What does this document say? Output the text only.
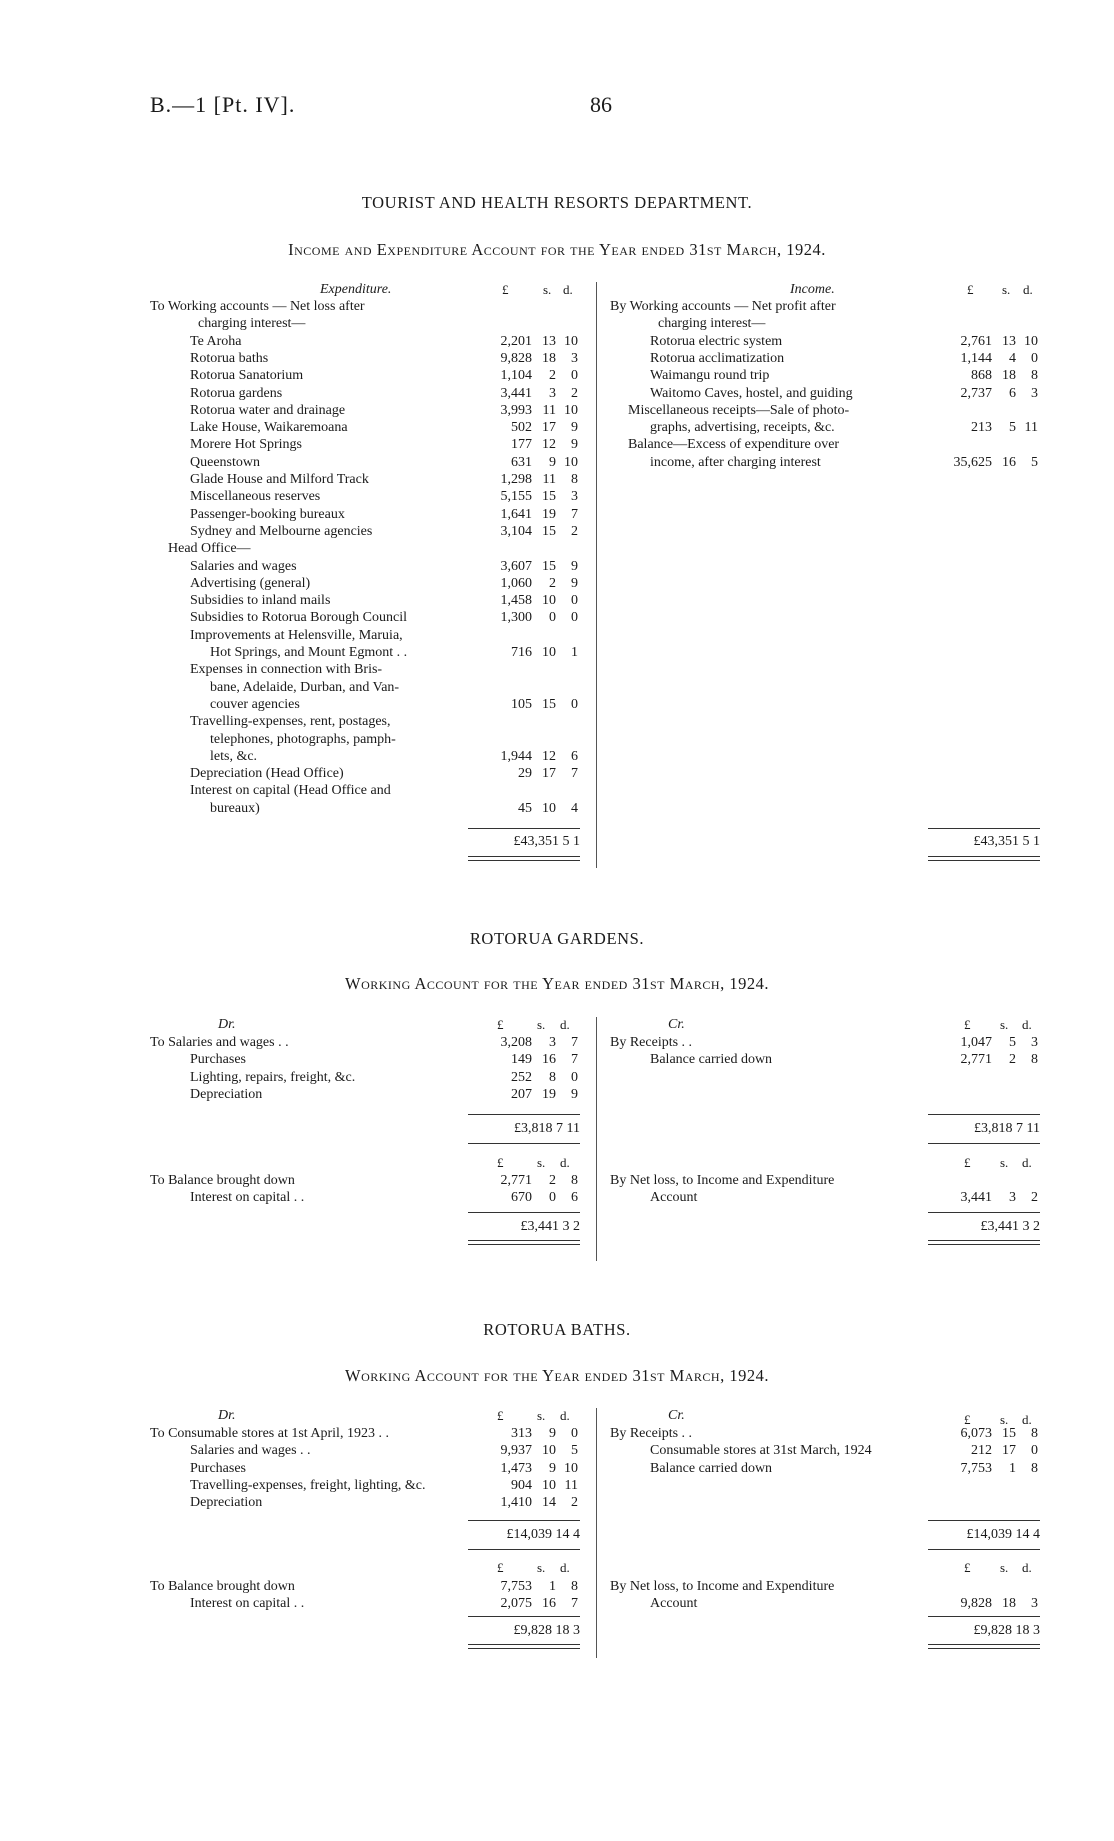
B.—1 [Pt. IV].	86
TOURIST AND HEALTH RESORTS DEPARTMENT.
Income and Expenditure Account for the Year ended 31st March, 1924.
Expenditure.	£	s. d.	Income.	£ s. d.
To Working accounts — Net loss after
charging interest—
Te Aroha	2,201 13 10
Rotorua baths	9,828 18	3
Rotorua Sanatorium	1,104	2	0
Rotorua gardens	3,441	3	2
Rotorua water and drainage	3,993 11 10
Lake House, Waikaremoana	502 17	9
Morere Hot Springs	177 12	9
Queenstown	631	9 10
Glade House and Milford Track	1,298 11	8
Miscellaneous reserves	5,155 15	3
Passenger-booking bureaux	1,641 19	7
Sydney and Melbourne agencies	3,104 15	2
Head Office—
Salaries and wages	3,607 15	9
Advertising (general)	1,060	2	9
Subsidies to inland mails	1,458 10	0
Subsidies to Rotorua Borough Council	1,300	0	0
Improvements at Helensville, Maruia,
Hot Springs, and Mount Egmont . .	716 10	1
Expenses in connection with Bris-
bane, Adelaide, Durban, and Van-
couver agencies	105 15	0
Travelling-expenses, rent, postages,
telephones, photographs, pamph-
lets, &c.	1,944 12	6
Depreciation (Head Office)	29 17	7
Interest on capital (Head Office and
bureaux)	45 10	4
By Working accounts — Net profit after
charging interest—
Rotorua electric system	2,761 13 10
Rotorua acclimatization	1,144	4	0
Waimangu round trip	868 18	8
Waitomo Caves, hostel, and guiding	2,737	6	3
Miscellaneous receipts—Sale of photo-
graphs, advertising, receipts, &c.	213	5 11
Balance—Excess of expenditure over
income, after charging interest	35,625 16	5
£43,351 5 1	£43,351 5 1
ROTORUA GARDENS.
Working Account for the Year ended 31st March, 1924.
Dr.	£	s. d.	Cr.	£ s. d.
To Salaries and wages . .	3,208	3	7
Purchases	149 16	7
Lighting, repairs, freight, &c.	252	8	0
Depreciation	207 19	9
By Receipts . .	1,047	5	3
Balance carried down	2,771	2	8
£3,818 7 11	£3,818 7 11
£	s. d.	£ s. d.
To Balance brought down	2,771	2	8
Interest on capital . .	670	0	6
By Net loss, to Income and Expenditure
Account	3,441	3	2
£3,441 3 2	£3,441 3 2
ROTORUA BATHS.
Working Account for the Year ended 31st March, 1924.
Dr.	£	s. d.	Cr.	£ s. d.
To Consumable stores at 1st April, 1923 . .	313	9	0
Salaries and wages . .	9,937 10	5
Purchases	1,473	9 10
Travelling-expenses, freight, lighting, &c.	904 10 11
Depreciation	1,410 14	2
By Receipts . .	6,073 15	8
Consumable stores at 31st March, 1924	212 17	0
Balance carried down	7,753	1	8
£14,039 14 4	£14,039 14 4
£	s. d.	£ s. d.
To Balance brought down	7,753	1	8
Interest on capital . .	2,075 16	7
By Net loss, to Income and Expenditure
Account	9,828 18	3
£9,828 18 3	£9,828 18 3
